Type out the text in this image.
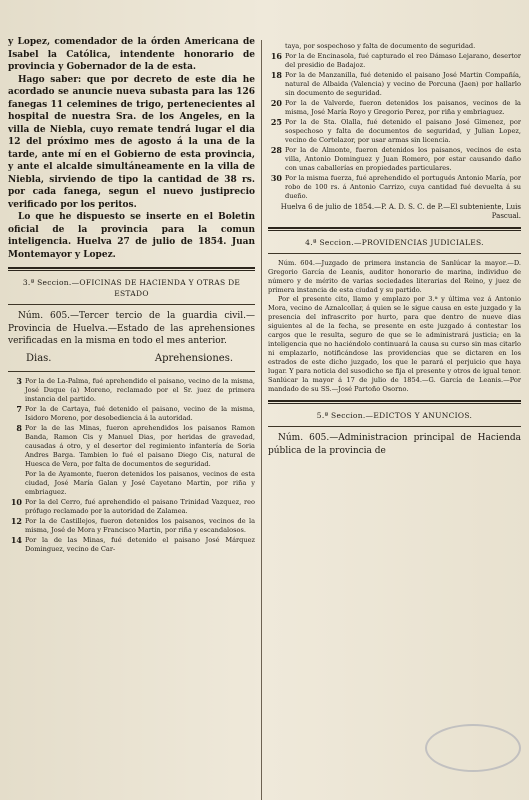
y Lopez, comendador de la órden Americana de Isabel la Católica, intendente honorario de provincia y Gobernador de la de esta.

Hago saber: que por decreto de este dia he acordado se anuncie nueva subasta para las 126 fanegas 11 celemines de trigo, pertenecientes al hospital de nuestra Sra. de los Angeles, en la villa de Niebla, cuyo remate tendrá lugar el dia 12 del próximo mes de agosto á la una de la tarde, ante mí en el Gobierno de esta provincia, y ante el alcalde simultáneamente en la villa de Niebla, sirviendo de tipo la cantidad de 38 rs. por cada fanega, segun el nuevo justiprecio verificado por los peritos.

Lo que he dispuesto se inserte en el Boletin oficial de la provincia para la comun inteligencia. Huelva 27 de julio de 1854. Juan Montemayor y Lopez.

3.ª Seccion.—OFICINAS DE HACIENDA Y OTRAS DE ESTADO

Núm. 605.—Tercer tercio de la guardia civil.—Provincia de Huelva.—Estado de las aprehensiones verificadas en la misma en todo el mes anterior.

Dias.	Aprehensiones.
3 Por la de La-Palma, fué aprehendido el paisano, vecino de la misma, José Duque (a) Moreno, reclamado por el Sr. juez de primera instancia del partido.

7 Por la de Cartaya, fué detenido el paisano, vecino de la misma, Isidoro Moreno, por desobediencia á la autoridad.

8 Por la de las Minas, fueron aprehendidos los paisanos Ramon Banda, Ramon Cis y Manuel Dias, por heridas de gravedad, causadas á otro, y el desertor del regimiento infantería de Soria Andres Barga. Tambien lo fué el paisano Diego Cis, natural de Huesca de Vera, por falta de documentos de seguridad.

Por la de Ayamonte, fueron detenidos los paisanos, vecinos de esta ciudad, José María Galan y José Cayetano Martin, por riña y embriaguez.

10 Por la del Cerro, fué aprehendido el paisano Trinidad Vazquez, reo prófugo reclamado por la autoridad de Zalamea.

12 Por la de Castillejos, fueron detenidos los paisanos, vecinos de la misma, José de Mora y Francisco Martin, por riña y escandalosos.

14 Por la de las Minas, fué detenido el paisano José Márquez Dominguez, vecino de Car-

taya, por sospechoso y falta de documento de seguridad.

16 Por la de Encinasola, fué capturado el reo Dámaso Lejarano, desertor del presidio de Badajoz.

18 Por la de Manzanilla, fué detenido el paisano José Martin Compañía, natural de Albaida (Valencia) y vecino de Porcuna (Jaen) por hallarlo sin documento de seguridad.

20 Por la de Valverde, fueron detenidos los paisanos, vecinos de la misma, José María Royo y Gregorio Perez, por riña y embriaguez.

25 Por la de Sta. Olalla, fué detenido el paisano José Gimenez, por sospechoso y falta de documentos de seguridad, y Julian Lopez, vecino de Cortelazor, por usar armas sin licencia.

28 Por la de Almonte, fueron detenidos los paisanos, vecinos de esta villa, Antonio Dominguez y Juan Romero, por estar causando daño con unas caballerías en propiedades particulares.

30 Por la misma fuerza, fué aprehendido el portugués Antonio María, por robo de 100 rs. á Antonio Carrizo, cuya cantidad fué devuelta á su dueño.

Huelva 6 de julio de 1854.—P. A. D. S. C. de P.—El subteniente, Luis Pascual.

4.ª Seccion.—PROVIDENCIAS JUDICIALES.

Núm. 604.—Juzgado de primera instancia de Sanlúcar la mayor.—D. Gregorio García de Leanis, auditor honorario de marina, individuo de número y de mérito de varias sociedades literarias del Reino, y juez de primera instancia de esta ciudad y su partido.

Por el presente cito, llamo y emplazo por 3.ª y última vez á Antonio Mora, vecino de Aznalcollar, á quien se le sigue causa en este juzgado y la presencia del infrascrito por hurto, para que dentro de nueve dias siguientes al de la fecha, se presente en este juzgado á contestar los cargos que le resulta, seguro de que se le administrará justicia; en la inteligencia que no haciéndolo continuará la causa su curso sin mas citarlo ni emplazarlo, notificándose las providencias que se dictaren en los estrados de este dicho juzgado, los que le parará el perjuicio que haya lugar. Y para noticia del susodicho se fija el presente y otros de igual tenor. Sanlúcar la mayor á 17 de julio de 1854.—G. García de Leanis.—Por mandado de su SS.—José Partoño Osorno.

5.ª Seccion.—EDICTOS Y ANUNCIOS.

Núm. 605.—Administracion principal de Hacienda pública de la provincia de
